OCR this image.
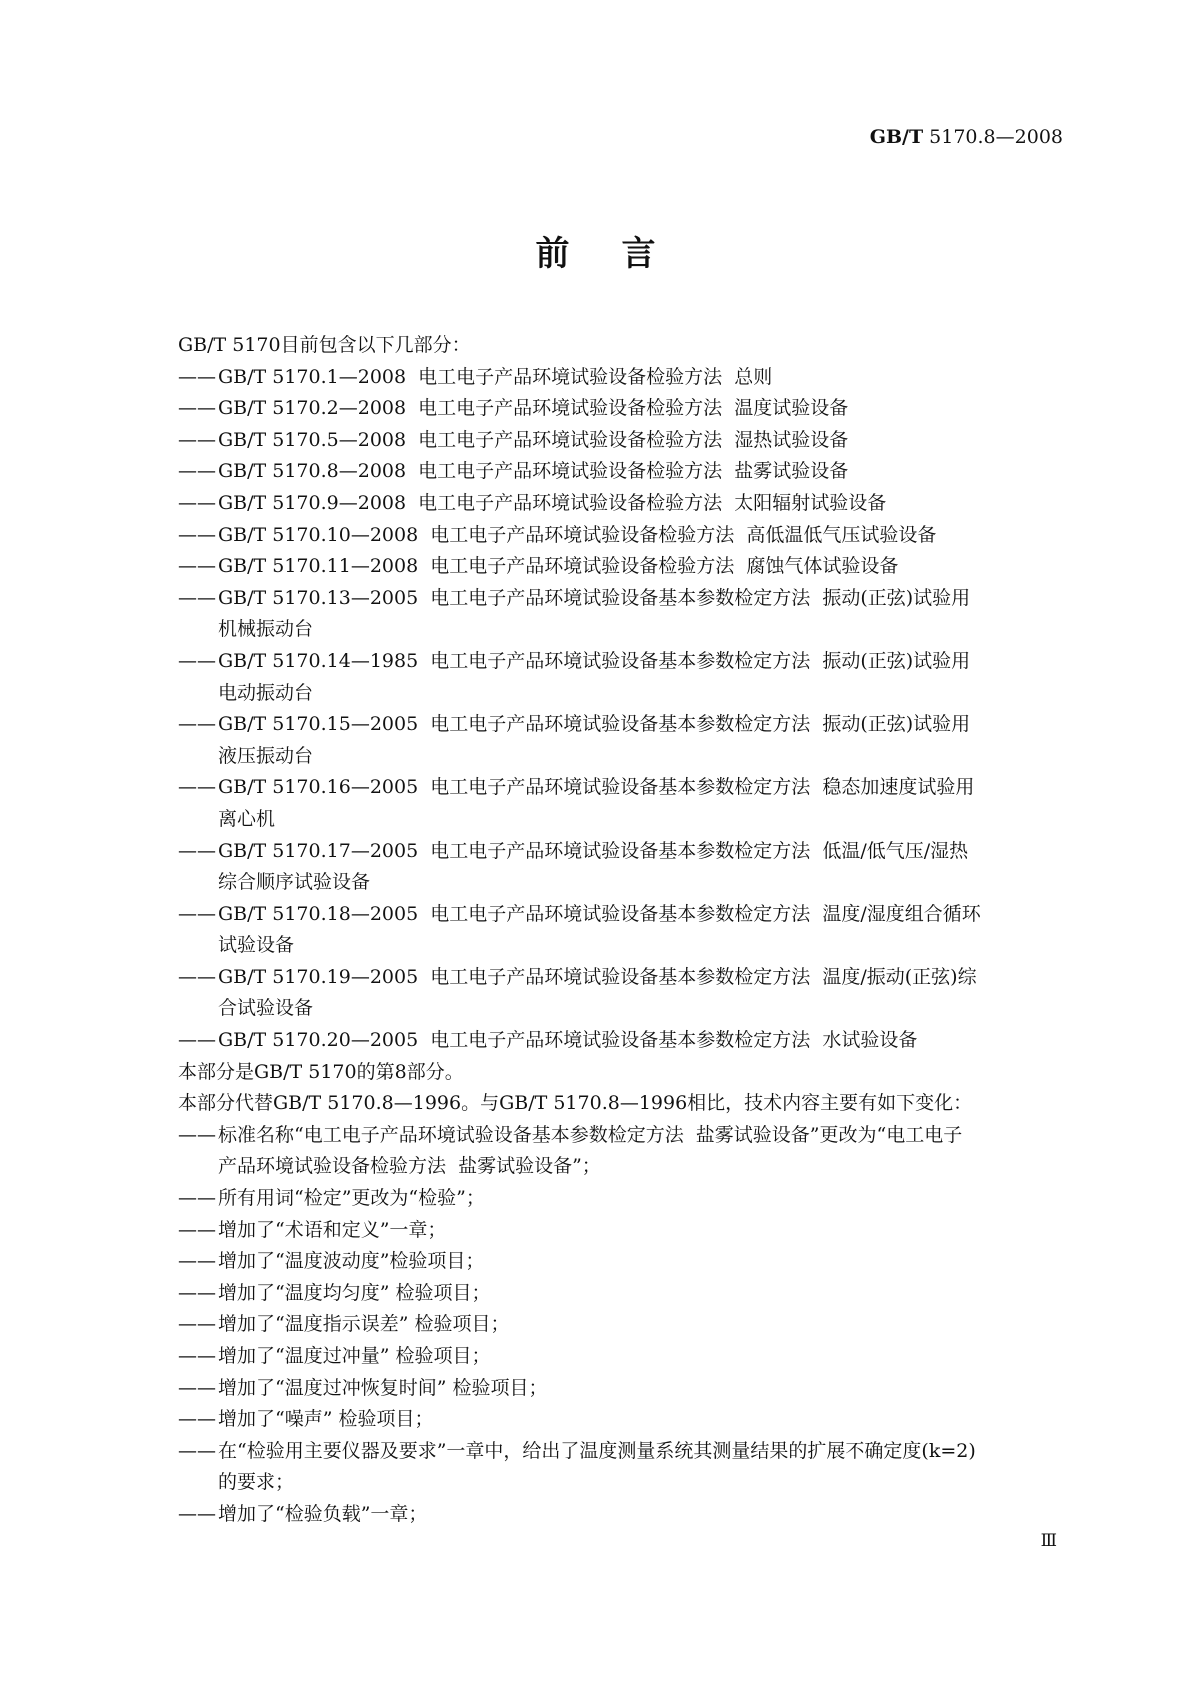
GB/T 5170.8—2008
前言
GB/T 5170目前包含以下几部分：
—— GB/T 5170.1—2008  电工电子产品环境试验设备检验方法  总则
—— GB/T 5170.2—2008  电工电子产品环境试验设备检验方法  温度试验设备
—— GB/T 5170.5—2008  电工电子产品环境试验设备检验方法  湿热试验设备
—— GB/T 5170.8—2008  电工电子产品环境试验设备检验方法  盐雾试验设备
—— GB/T 5170.9—2008  电工电子产品环境试验设备检验方法  太阳辐射试验设备
—— GB/T 5170.10—2008  电工电子产品环境试验设备检验方法  高低温低气压试验设备
—— GB/T 5170.11—2008  电工电子产品环境试验设备检验方法  腐蚀气体试验设备
—— GB/T 5170.13—2005  电工电子产品环境试验设备基本参数检定方法  振动(正弦)试验用
机械振动台
—— GB/T 5170.14—1985  电工电子产品环境试验设备基本参数检定方法  振动(正弦)试验用
电动振动台
—— GB/T 5170.15—2005  电工电子产品环境试验设备基本参数检定方法  振动(正弦)试验用
液压振动台
—— GB/T 5170.16—2005  电工电子产品环境试验设备基本参数检定方法  稳态加速度试验用
离心机
—— GB/T 5170.17—2005  电工电子产品环境试验设备基本参数检定方法  低温/低气压/湿热
综合顺序试验设备
—— GB/T 5170.18—2005  电工电子产品环境试验设备基本参数检定方法  温度/湿度组合循环
试验设备
—— GB/T 5170.19—2005  电工电子产品环境试验设备基本参数检定方法  温度/振动(正弦)综
合试验设备
—— GB/T 5170.20—2005  电工电子产品环境试验设备基本参数检定方法  水试验设备
本部分是GB/T 5170的第8部分。
本部分代替GB/T 5170.8—1996。与GB/T 5170.8—1996相比，技术内容主要有如下变化：
—— 标准名称“电工电子产品环境试验设备基本参数检定方法  盐雾试验设备”更改为“电工电子
产品环境试验设备检验方法  盐雾试验设备”；
—— 所有用词“检定”更改为“检验”；
—— 增加了“术语和定义”一章；
—— 增加了“温度波动度”检验项目；
—— 增加了“温度均匀度” 检验项目；
—— 增加了“温度指示误差” 检验项目；
—— 增加了“温度过冲量” 检验项目；
—— 增加了“温度过冲恢复时间” 检验项目；
—— 增加了“噪声” 检验项目；
—— 在“检验用主要仪器及要求”一章中，给出了温度测量系统其测量结果的扩展不确定度(k=2)
的要求；
—— 增加了“检验负载”一章；
Ⅲ
